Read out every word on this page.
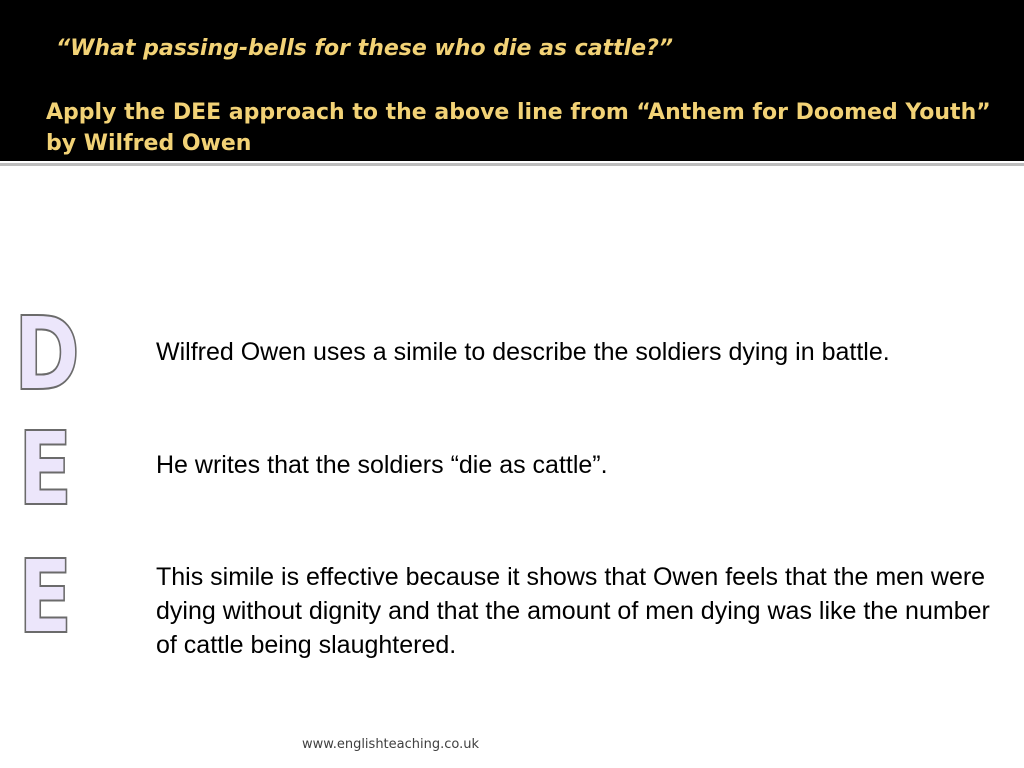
“What passing-bells for these who die as cattle?”
Apply the DEE approach to the above line from “Anthem for Doomed Youth”
by Wilfred Owen
D
E
E
Wilfred Owen uses a simile to describe the soldiers dying in battle.
He writes that the soldiers “die as cattle”.
This simile is effective because it shows that Owen feels that the men were dying without dignity and that the amount of men dying was like the number of cattle being slaughtered.
www.englishteaching.co.uk
